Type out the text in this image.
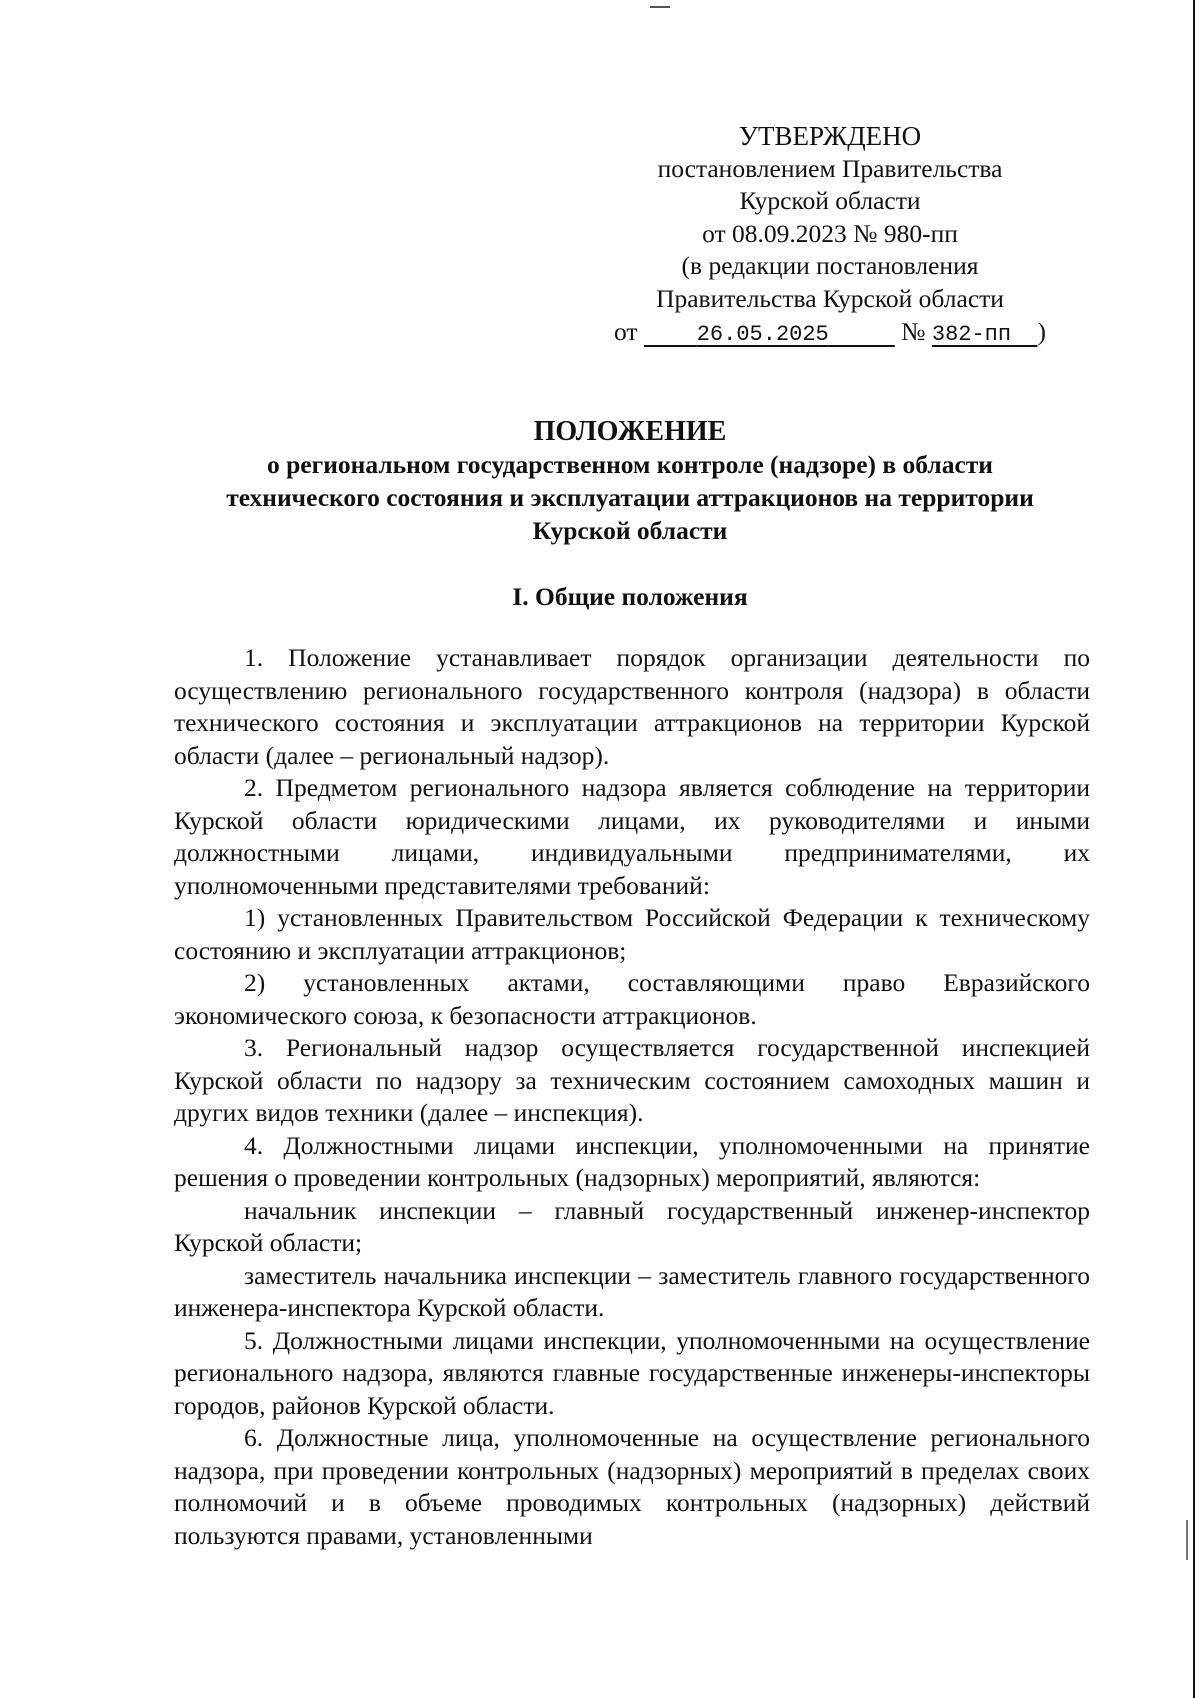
УТВЕРЖДЕНО
постановлением Правительства
Курской области
от 08.09.2023 № 980-пп
(в редакции постановления
Правительства Курской области
от	26.05.2025	№ 382-пп )
ПОЛОЖЕНИЕ
о региональном государственном контроле (надзоре) в области
технического состояния и эксплуатации аттракционов на территории
Курской области
I. Общие положения

1. Положение устанавливает порядок организации деятельности по осуществлению регионального государственного контроля (надзора) в области технического состояния и эксплуатации аттракционов на территории Курской области (далее – региональный надзор).

2. Предметом регионального надзора является соблюдение на территории Курской области юридическими лицами, их руководителями и иными должностными лицами, индивидуальными предпринимателями, их уполномоченными представителями требований:

1) установленных Правительством Российской Федерации к техническому состоянию и эксплуатации аттракционов;

2) установленных актами, составляющими право Евразийского экономического союза, к безопасности аттракционов.

3. Региональный надзор осуществляется государственной инспекцией Курской области по надзору за техническим состоянием самоходных машин и других видов техники (далее – инспекция).

4. Должностными лицами инспекции, уполномоченными на принятие решения о проведении контрольных (надзорных) мероприятий, являются:

начальник инспекции – главный государственный инженер-инспектор Курской области;

заместитель начальника инспекции – заместитель главного государственного инженера-инспектора Курской области.

5. Должностными лицами инспекции, уполномоченными на осуществление регионального надзора, являются главные государственные инженеры-инспекторы городов, районов Курской области.

6. Должностные лица, уполномоченные на осуществление регионального надзора, при проведении контрольных (надзорных) мероприятий в пределах своих полномочий и в объеме проводимых контрольных (надзорных) действий пользуются правами, установленными
